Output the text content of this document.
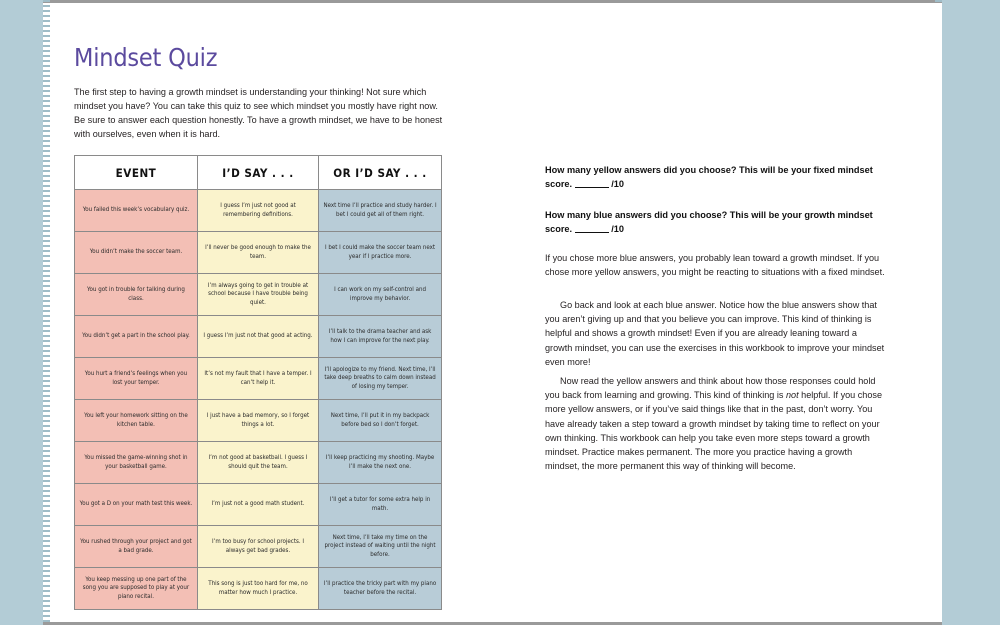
Mindset Quiz

The first step to having a growth mindset is understanding your thinking! Not sure which mindset you have? You can take this quiz to see which mindset you mostly have right now. Be sure to answer each question honestly. To have a growth mindset, we have to be honest with ourselves, even when it is hard.

EVENT	I’D SAY . . .	OR I’D SAY . . .
You failed this week’s vocabulary quiz.	I guess I’m just not good at remembering definitions.	Next time I’ll practice and study harder. I bet I could get all of them right.
You didn’t make the soccer team.	I’ll never be good enough to make the team.	I bet I could make the soccer team next year if I practice more.
You got in trouble for talking during class.	I’m always going to get in trouble at school because I have trouble being quiet.	I can work on my self-control and improve my behavior.
You didn’t get a part in the school play.	I guess I’m just not that good at acting.	I’ll talk to the drama teacher and ask how I can improve for the next play.
You hurt a friend’s feelings when you lost your temper.	It’s not my fault that I have a temper. I can’t help it.	I’ll apologize to my friend. Next time, I’ll take deep breaths to calm down instead of losing my temper.
You left your homework sitting on the kitchen table.	I just have a bad memory, so I forget things a lot.	Next time, I’ll put it in my backpack before bed so I don’t forget.
You missed the game-winning shot in your basketball game.	I’m not good at basketball. I guess I should quit the team.	I’ll keep practicing my shooting. Maybe I’ll make the next one.
You got a D on your math test this week.	I’m just not a good math student.	I’ll get a tutor for some extra help in math.
You rushed through your project and got a bad grade.	I’m too busy for school projects. I always get bad grades.	Next time, I’ll take my time on the project instead of waiting until the night before.
You keep messing up one part of the song you are supposed to play at your piano recital.	This song is just too hard for me, no matter how much I practice.	I’ll practice the tricky part with my piano teacher before the recital.

How many yellow answers did you choose? This will be your fixed mindset score.	/10

How many blue answers did you choose? This will be your growth mindset score.	/10

If you chose more blue answers, you probably lean toward a growth mindset. If you chose more yellow answers, you might be reacting to situations with a fixed mindset.

Go back and look at each blue answer. Notice how the blue answers show that you aren’t giving up and that you believe you can improve. This kind of thinking is helpful and shows a growth mindset! Even if you are already leaning toward a growth mindset, you can use the exercises in this workbook to improve your mindset even more!

Now read the yellow answers and think about how those responses could hold you back from learning and growing. This kind of thinking is not helpful. If you chose more yellow answers, or if you’ve said things like that in the past, don’t worry. You have already taken a step toward a growth mindset by taking time to reflect on your own thinking. This workbook can help you take even more steps toward a growth mindset. Practice makes permanent. The more you practice having a growth mindset, the more permanent this way of thinking will become.
